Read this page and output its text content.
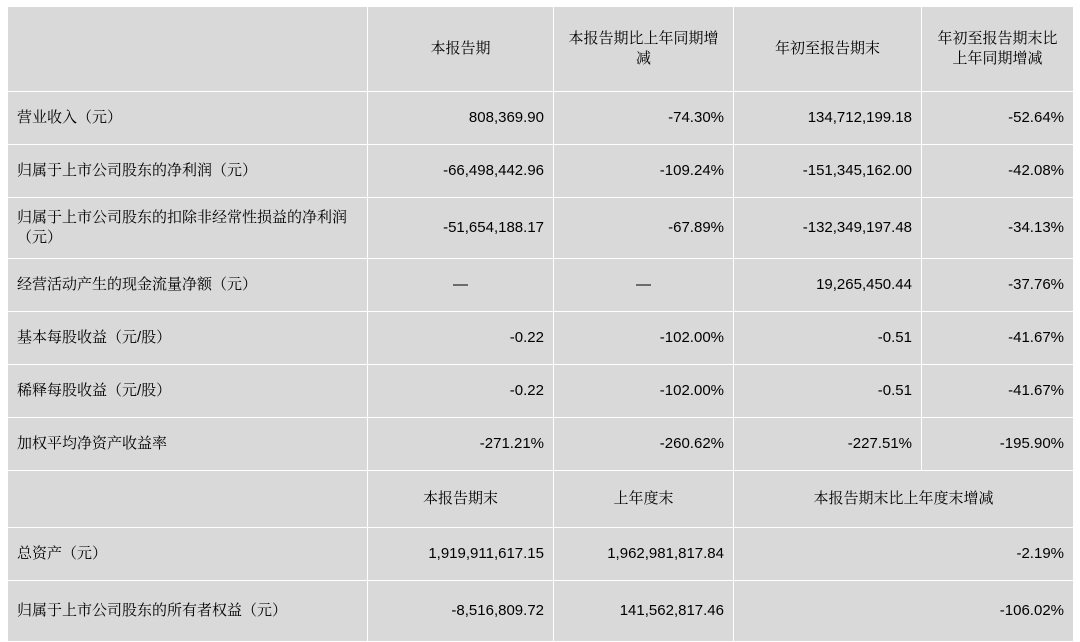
	本报告期	本报告期比上年同期增减	年初至报告期末	年初至报告期末比上年同期增减
营业收入（元）	808,369.90	-74.30%	134,712,199.18	-52.64%
归属于上市公司股东的净利润（元）	-66,498,442.96	-109.24%	-151,345,162.00	-42.08%
归属于上市公司股东的扣除非经常性损益的净利润（元）	-51,654,188.17	-67.89%	-132,349,197.48	-34.13%
经营活动产生的现金流量净额（元）	—	—	19,265,450.44	-37.76%
基本每股收益（元/股）	-0.22	-102.00%	-0.51	-41.67%
稀释每股收益（元/股）	-0.22	-102.00%	-0.51	-41.67%
加权平均净资产收益率	-271.21%	-260.62%	-227.51%	-195.90%
	本报告期末	上年度末	本报告期末比上年度末增减	
总资产（元）	1,919,911,617.15	1,962,981,817.84	-2.19%	
归属于上市公司股东的所有者权益（元）	-8,516,809.72	141,562,817.46	-106.02%	
